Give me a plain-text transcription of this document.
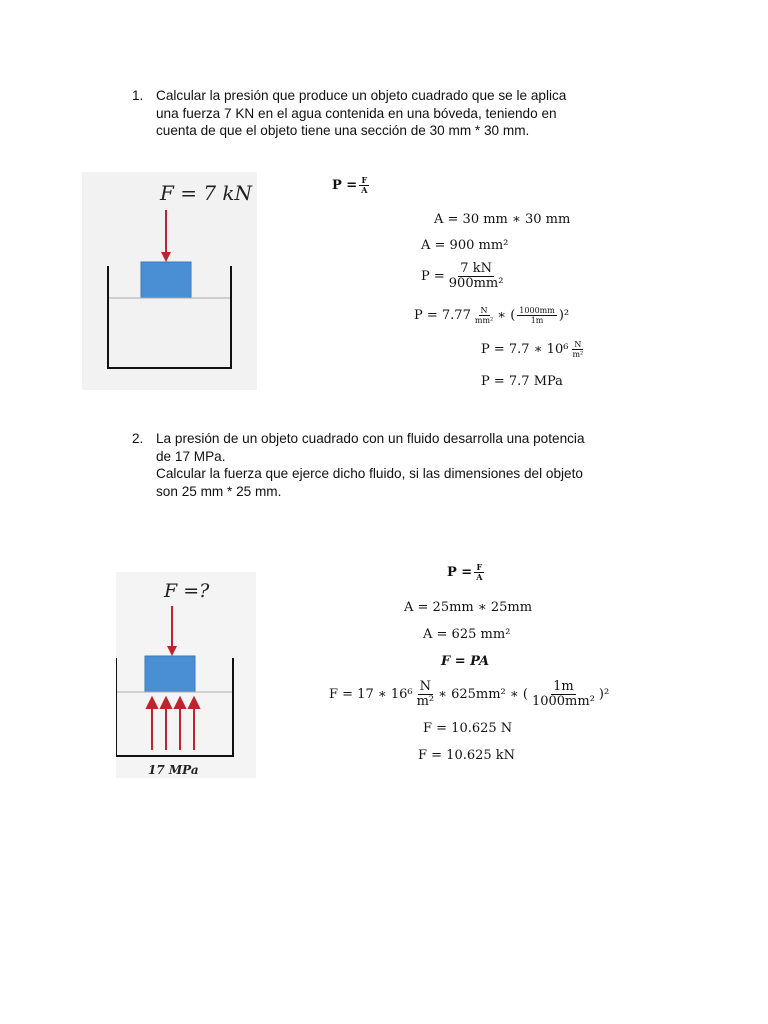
1. Calcular la presión que produce un objeto cuadrado que se le aplica

una fuerza 7 KN en el agua contenida en una bóveda, teniendo en

cuenta de que el objeto tiene una sección de 30 mm * 30 mm.

F = 7 kN	$P = \frac{F}{A}$
A = 30 mm ∗ 30 mm
A = 900 mm²
$P = \frac{7 kN}{\text{900mm²}}$
$P = 7.77 \frac{N}{\text{mm²}}$ ∗ ( $\frac{1000mm}{1m} )^2$
P = 7.7 ∗ $10^6 \frac{N}{\text{m²}}$
P = 7.7 MPa
2. La presión de un objeto cuadrado con un fluido desarrolla una potencia

de 17 MPa.

Calcular la fuerza que ejerce dicho fluido, si las dimensiones del objeto

son 25 mm * 25 mm.

F =?
17 MPa
$P = \frac{F}{A}$
A = 25mm ∗ 25mm
A = 625 mm²
F = PA
F = 17 ∗ $16^6 \frac{N}{\text{m²}}$ ∗ 625mm² ∗ ( $\frac{1m}{\text{1000mm²}} )^2$
F = 10.625 N
F = 10.625 kN
